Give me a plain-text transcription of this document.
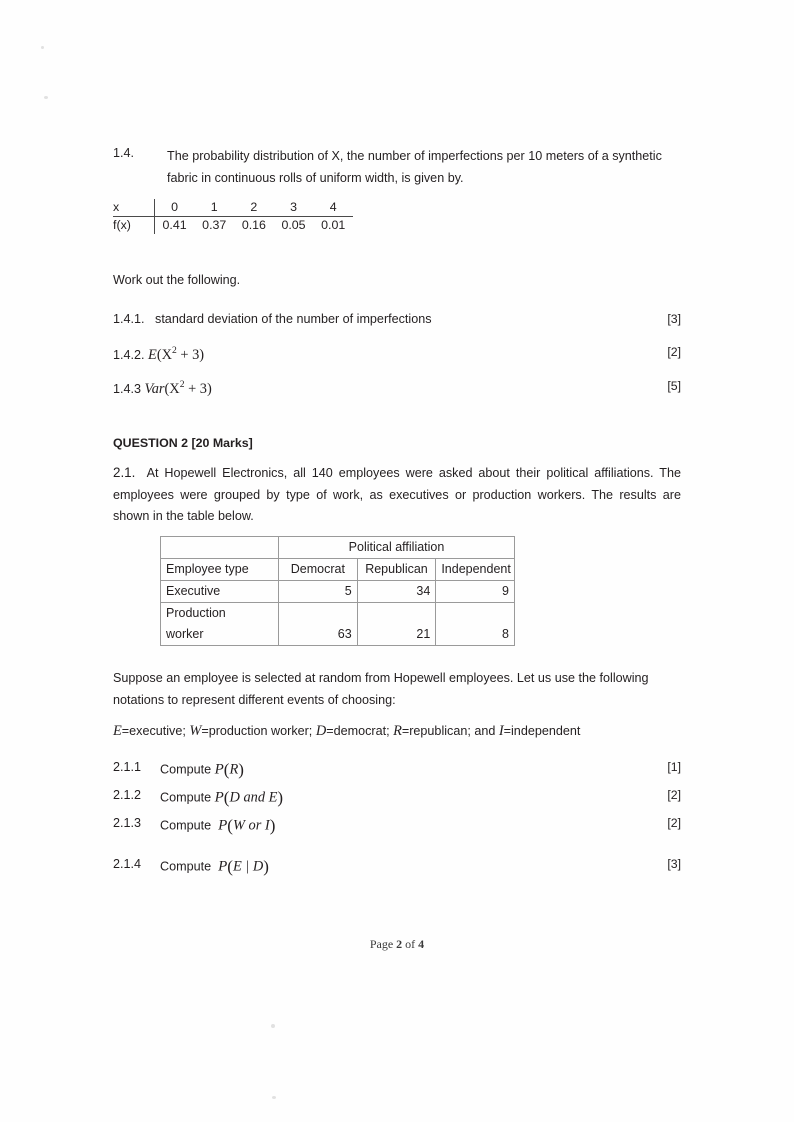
1.4.	The probability distribution of X, the number of imperfections per 10 meters of a synthetic fabric in continuous rolls of uniform width, is given by.
x		0	1	2	3	4
f(x)		0.41	0.37	0.16	0.05	0.01
Work out the following.
1.4.1. standard deviation of the number of imperfections	[3]
1.4.2. $E(X^2 + 3)$	[2]
1.4.3 $Var(X^2 + 3)$	[5]
QUESTION 2 [20 Marks]
2.1. At Hopewell Electronics, all 140 employees were asked about their political affiliations. The employees were grouped by type of work, as executives or production workers. The results are shown in the table below.
	Political affiliation		
Employee type	Democrat	Republican	Independent
Executive	5	34	9
Production			
worker	63	21	8
Suppose an employee is selected at random from Hopewell employees. Let us use the following notations to represent different events of choosing:
E=executive; W=production worker; D=democrat; R=republican; and I=independent
2.1.1 Compute P(R)	[1]
2.1.2 Compute P(D and E)	[2]
2.1.3 Compute  P(W or I)	[2]
2.1.4 Compute  P(E | D)	[3]
Page 2 of 4
